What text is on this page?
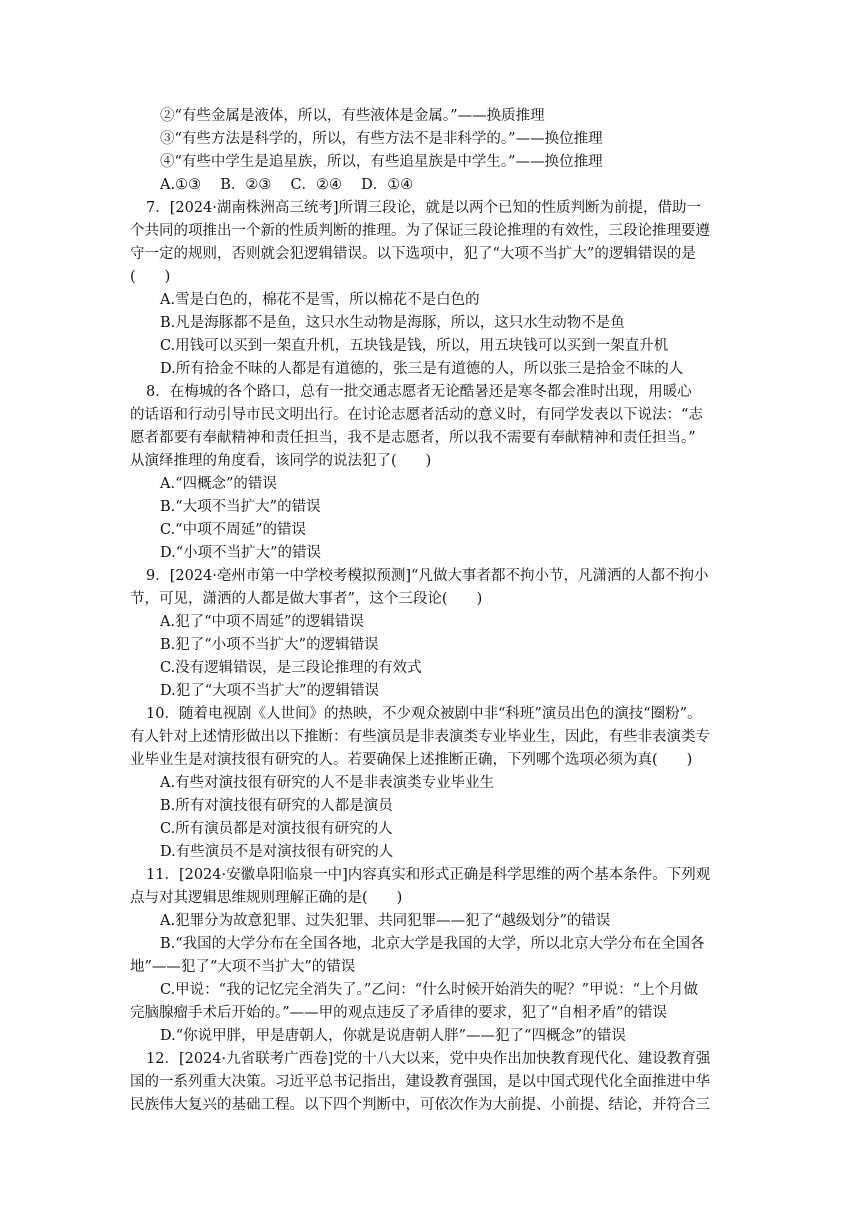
②“有些金属是液体，所以，有些液体是金属。”——换质推理
③“有些方法是科学的，所以，有些方法不是非科学的。”——换位推理
④“有些中学生是追星族，所以，有些追星族是中学生。”——换位推理
A.①③　 B．②③　 C．②④　 D．①④
7．[2024·湖南株洲高三统考]所谓三段论，就是以两个已知的性质判断为前提，借助一
个共同的项推出一个新的性质判断的推理。为了保证三段论推理的有效性，三段论推理要遵
守一定的规则，否则就会犯逻辑错误。以下选项中，犯了“大项不当扩大”的逻辑错误的是
(　　)
A.雪是白色的，棉花不是雪，所以棉花不是白色的
B.凡是海豚都不是鱼，这只水生动物是海豚，所以，这只水生动物不是鱼
C.用钱可以买到一架直升机，五块钱是钱，所以，用五块钱可以买到一架直升机
D.所有拾金不昧的人都是有道德的，张三是有道德的人，所以张三是拾金不昧的人
8．在梅城的各个路口，总有一批交通志愿者无论酷暑还是寒冬都会准时出现，用暖心
的话语和行动引导市民文明出行。在讨论志愿者活动的意义时，有同学发表以下说法：“志
愿者都要有奉献精神和责任担当，我不是志愿者，所以我不需要有奉献精神和责任担当。”
从演绎推理的角度看，该同学的说法犯了(　　)
A.“四概念”的错误
B.“大项不当扩大”的错误
C.“中项不周延”的错误
D.“小项不当扩大”的错误
9．[2024·亳州市第一中学校考模拟预测]“凡做大事者都不拘小节，凡潇洒的人都不拘小
节，可见，潇洒的人都是做大事者”，这个三段论(　　)
A.犯了“中项不周延”的逻辑错误
B.犯了“小项不当扩大”的逻辑错误
C.没有逻辑错误，是三段论推理的有效式
D.犯了“大项不当扩大”的逻辑错误
10．随着电视剧《人世间》的热映，不少观众被剧中非“科班”演员出色的演技“圈粉”。
有人针对上述情形做出以下推断：有些演员是非表演类专业毕业生，因此，有些非表演类专
业毕业生是对演技很有研究的人。若要确保上述推断正确，下列哪个选项必须为真(　　)
A.有些对演技很有研究的人不是非表演类专业毕业生
B.所有对演技很有研究的人都是演员
C.所有演员都是对演技很有研究的人
D.有些演员不是对演技很有研究的人
11．[2024·安徽阜阳临泉一中]内容真实和形式正确是科学思维的两个基本条件。下列观
点与对其逻辑思维规则理解正确的是(　　)
A.犯罪分为故意犯罪、过失犯罪、共同犯罪——犯了“越级划分”的错误
B.“我国的大学分布在全国各地，北京大学是我国的大学，所以北京大学分布在全国各
地”——犯了“大项不当扩大”的错误
C.甲说：“我的记忆完全消失了。”乙问：“什么时候开始消失的呢？”甲说：“上个月做
完脑腺瘤手术后开始的。”——甲的观点违反了矛盾律的要求，犯了“自相矛盾”的错误
D.“你说甲胖，甲是唐朝人，你就是说唐朝人胖”——犯了“四概念”的错误
12．[2024·九省联考广西卷]党的十八大以来，党中央作出加快教育现代化、建设教育强
国的一系列重大决策。习近平总书记指出，建设教育强国，是以中国式现代化全面推进中华
民族伟大复兴的基础工程。以下四个判断中，可依次作为大前提、小前提、结论，并符合三
